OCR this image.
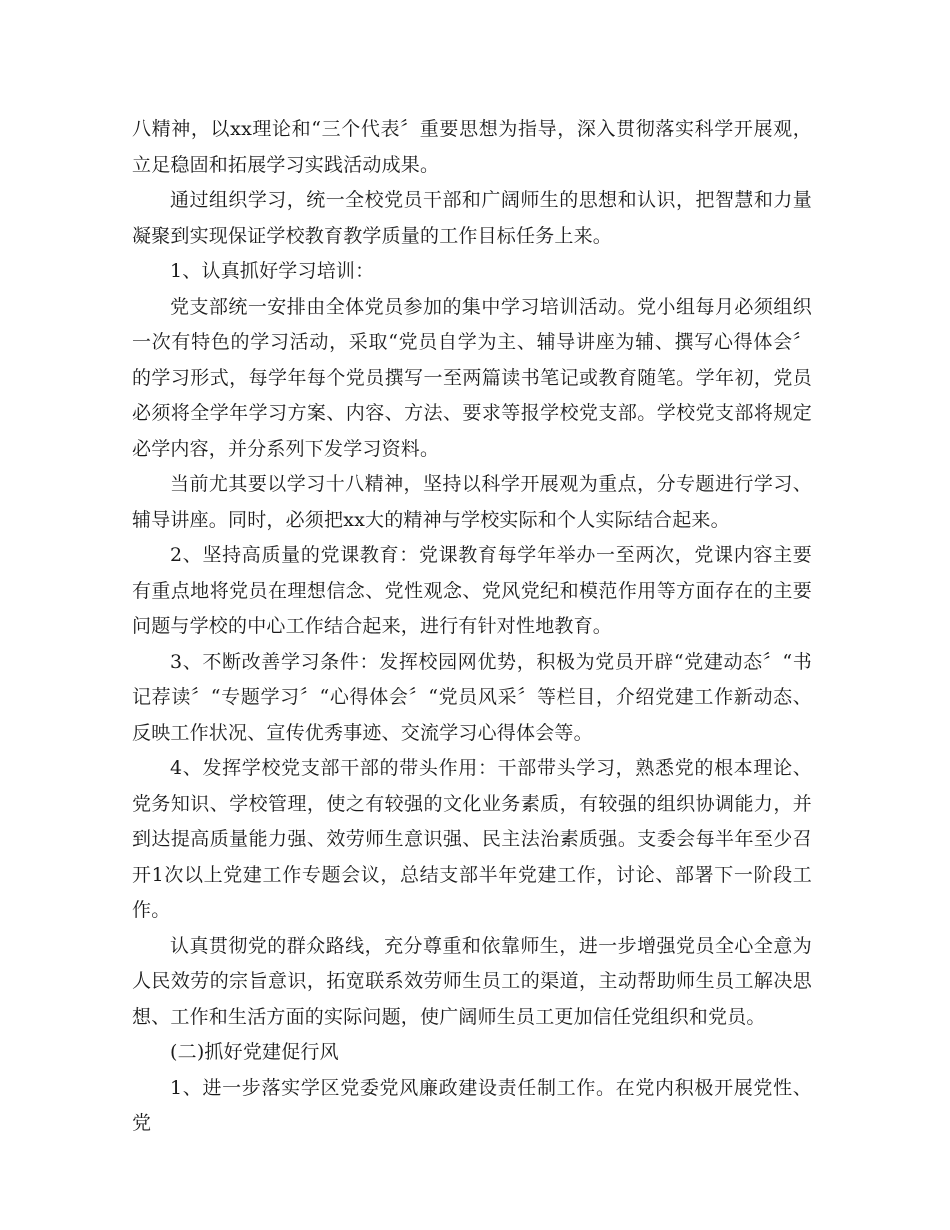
八精神，以xx理论和“三个代表〞重要思想为指导，深入贯彻落实科学开展观，立足稳固和拓展学习实践活动成果。

通过组织学习，统一全校党员干部和广阔师生的思想和认识，把智慧和力量凝聚到实现保证学校教育教学质量的工作目标任务上来。

1、认真抓好学习培训：

党支部统一安排由全体党员参加的集中学习培训活动。党小组每月必须组织一次有特色的学习活动，采取“党员自学为主、辅导讲座为辅、撰写心得体会〞的学习形式，每学年每个党员撰写一至两篇读书笔记或教育随笔。学年初，党员必须将全学年学习方案、内容、方法、要求等报学校党支部。学校党支部将规定必学内容，并分系列下发学习资料。

当前尤其要以学习十八精神，坚持以科学开展观为重点，分专题进行学习、辅导讲座。同时，必须把xx大的精神与学校实际和个人实际结合起来。

2、坚持高质量的党课教育：党课教育每学年举办一至两次，党课内容主要有重点地将党员在理想信念、党性观念、党风党纪和模范作用等方面存在的主要问题与学校的中心工作结合起来，进行有针对性地教育。

3、不断改善学习条件：发挥校园网优势，积极为党员开辟“党建动态〞“书记荐读〞“专题学习〞“心得体会〞“党员风采〞等栏目，介绍党建工作新动态、反映工作状况、宣传优秀事迹、交流学习心得体会等。

4、发挥学校党支部干部的带头作用：干部带头学习，熟悉党的根本理论、党务知识、学校管理，使之有较强的文化业务素质，有较强的组织协调能力，并到达提高质量能力强、效劳师生意识强、民主法治素质强。支委会每半年至少召开1次以上党建工作专题会议，总结支部半年党建工作，讨论、部署下一阶段工作。

认真贯彻党的群众路线，充分尊重和依靠师生，进一步增强党员全心全意为人民效劳的宗旨意识，拓宽联系效劳师生员工的渠道，主动帮助师生员工解决思想、工作和生活方面的实际问题，使广阔师生员工更加信任党组织和党员。

(二)抓好党建促行风

1、进一步落实学区党委党风廉政建设责任制工作。在党内积极开展党性、党
